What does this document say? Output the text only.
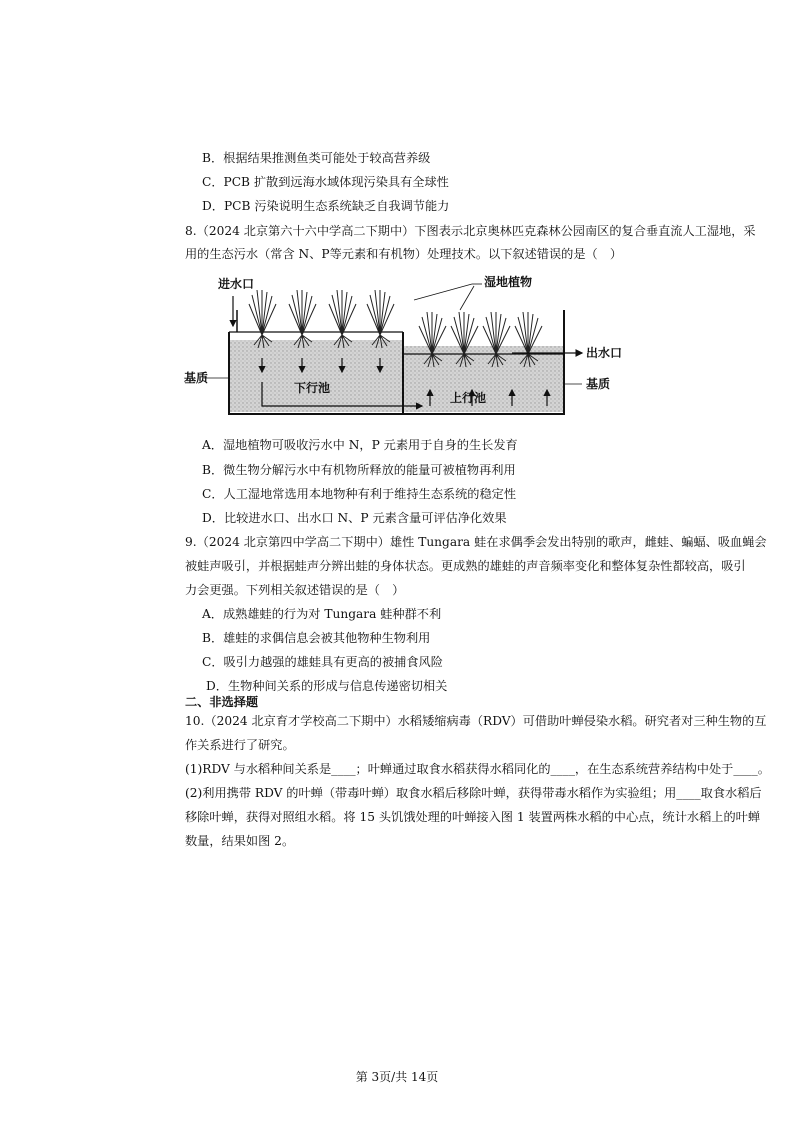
B．根据结果推测鱼类可能处于较高营养级
C．PCB 扩散到远海水域体现污染具有全球性
D．PCB 污染说明生态系统缺乏自我调节能力
8.（2024 北京第六十六中学高二下期中）下图表示北京奥林匹克森林公园南区的复合垂直流人工湿地，采
用的生态污水（常含 N、P等元素和有机物）处理技术。以下叙述错误的是（　）
进水口	湿地植物
出水口
基质	基质
下行池
上行池
A．湿地植物可吸收污水中 N，P 元素用于自身的生长发育
B．微生物分解污水中有机物所释放的能量可被植物再利用
C．人工湿地常选用本地物种有利于维持生态系统的稳定性
D．比较进水口、出水口 N、P 元素含量可评估净化效果
9.（2024 北京第四中学高二下期中）雄性 Tungara 蛙在求偶季会发出特别的歌声，雌蛙、蝙蝠、吸血蝇会
被蛙声吸引，并根据蛙声分辨出蛙的身体状态。更成熟的雄蛙的声音频率变化和整体复杂性都较高，吸引
力会更强。下列相关叙述错误的是（　）
A．成熟雄蛙的行为对 Tungara 蛙种群不利
B．雄蛙的求偶信息会被其他物种生物利用
C．吸引力越强的雄蛙具有更高的被捕食风险
D．生物种间关系的形成与信息传递密切相关
二、非选择题
10.（2024 北京育才学校高二下期中）水稻矮缩病毒（RDV）可借助叶蝉侵染水稻。研究者对三种生物的互
作关系进行了研究。
(1)RDV 与水稻种间关系是____；叶蝉通过取食水稻获得水稻同化的____，在生态系统营养结构中处于____。
(2)利用携带 RDV 的叶蝉（带毒叶蝉）取食水稻后移除叶蝉，获得带毒水稻作为实验组；用____取食水稻后
移除叶蝉，获得对照组水稻。将 15 头饥饿处理的叶蝉接入图 1 装置两株水稻的中心点，统计水稻上的叶蝉
数量，结果如图 2。
第 3页/共 14页
